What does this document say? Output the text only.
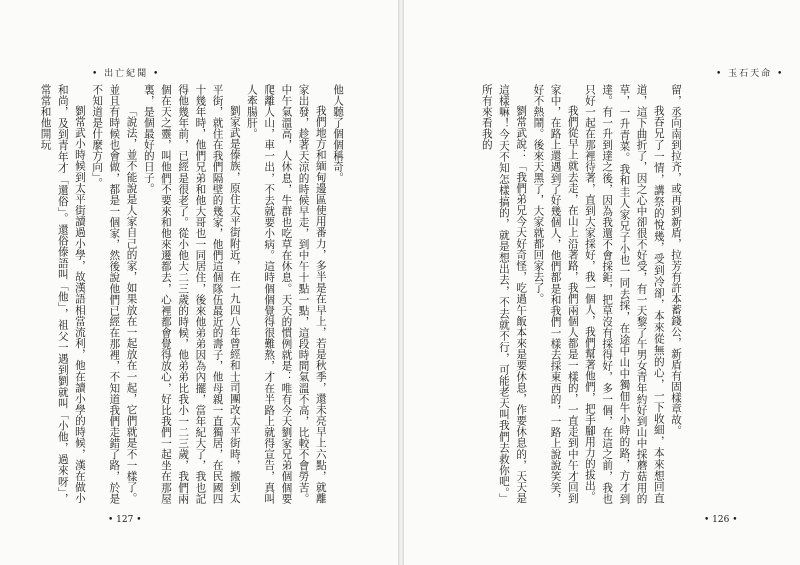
• 出亡紀聞 •

他人聽了個個稱奇。

我們地方和緬甸邊區使用番力，多半是在早上，若是秋季，還未亮早上六點，就離家出發，趁著天涼的時候早走，到中午十點一點，這段時間氣溫不高，比較不會勞苦。中午氣溫高，人休息，牛群也吃草在休息。天天的慣例就是：唯有今天劉家兄弟個個要爬離人山，車一出，不去就要小病。這時個個覺得很難熬，才在半路上就得宣告，真叫人牽腸肝。

劉家武是傣族，原住太平街附近，在一九四八年曾經和士司團改太平街時，搬到太平街，就住在我們隔壁的幾家，他們這個隊伍最近的壽子，他母親一直獨居，在民國四十幾年時，他們兄弟和他大哥也一同居住，後來他弟弟因為內擺，當年紀大了，我也記得他幾年前，已經是很老了。從小他大二三歲的時候，他弟弟比我小一二三歲，我們兩個在天之靈，叫他們不要來和他來遷都去，心裡都會覺得放心，好比我們一起坐在那屋裏，是個最好的日子。

「說法，並不能說是人家自己的家，如果放在一起放在一起，它們就是不一樣了。並且有時候也會做，都是一個家，然後說他們已經在那裡，不知道我們走錯了路，於是不知道是什麼方向」。

劉常武小時候到太平街讀過小學，故漢語相當流利，他在讀小學的時候，漢在做小和尚，及到青年才「還俗」。還俗傣語叫「他」，祖父一遇到劉就叫「小他，過來呀」，常常和他開玩

• 127 •
• 玉石天命 •

留，丞向南到拉齐，或再到新盾，拉芳有許本蓄錢公，新盾有固樣章故。

我吞兄了一情，講祭的悅幾，受到冷卻，本來從無的心，一下收細，本來想回直道，這下曲折了，因之心中卻很不好受，有一天黎了午男女青年約好到山中採蘑菇用的草，一升青菜。我和圭人家兄子小也一同去採，在途中山中獨佃牛小時的路，方才到達。有一升到達之後，因為我還不會採鉅，把草沒有採得好，多一個，在這之前，我也只好一起在那裡待著，直到大家採好，我一個人，我們幫著他們，把手腳用力的拔出。

我們從早上就去走，在山上沿著路，我們兩個人都是一樣的，一直走到中午才回到家中，在路上還遇到了好幾個人，他們都是和我們一樣去採東西的，一路上說說笑笑，好不熱鬧。後來天黑了，大家就都回家去了。

劉常武說：「我們弟兄今天好奇怪，吃過午飯本來是要休息，作要休息的，天天是這樣嘛！今天不知怎樣搞的，就是想出去，不去就不行，可能老天叫我們去救你吧。」所有來看我的

• 126 •
